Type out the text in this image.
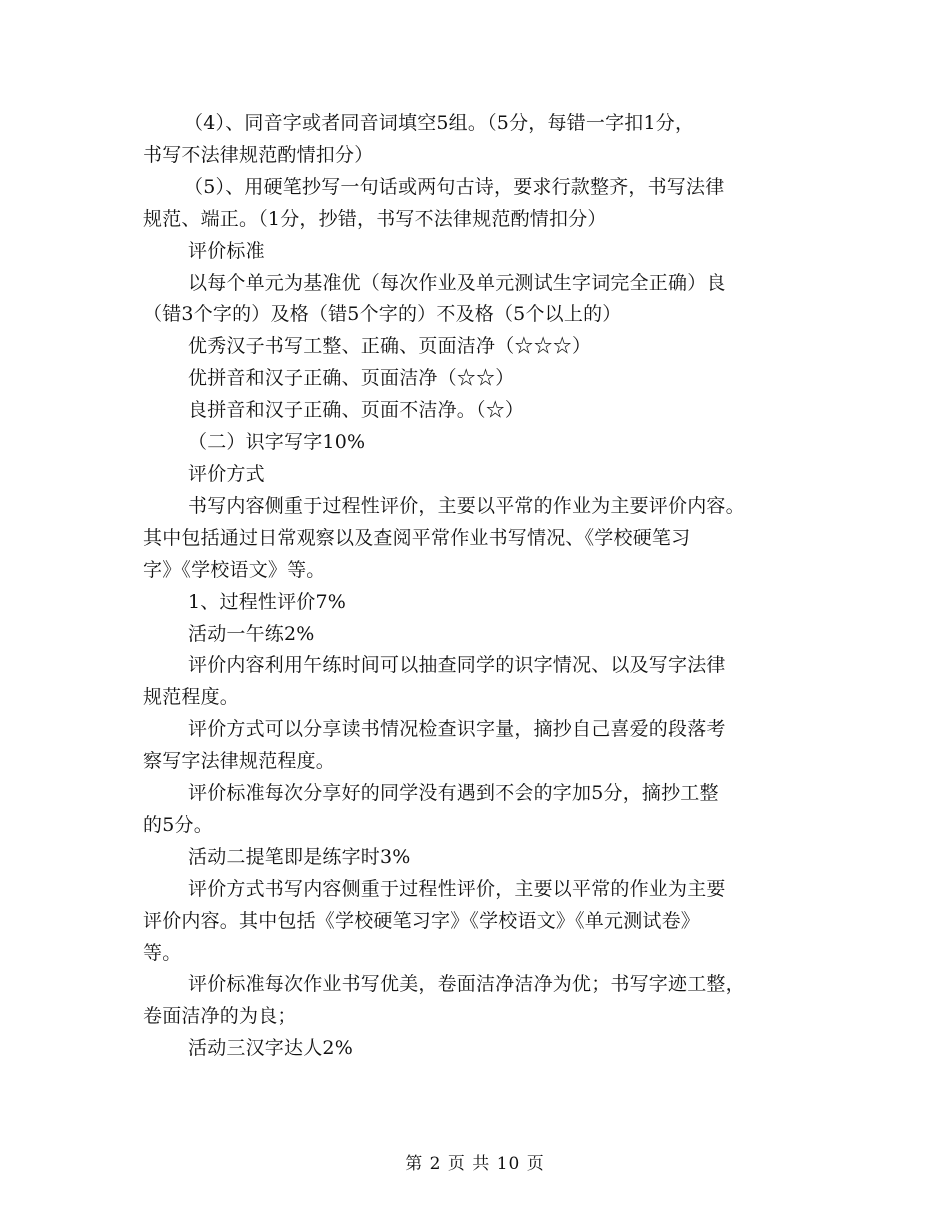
（4）、同音字或者同音词填空5组。（5分，每错一字扣1分，
书写不法律规范酌情扣分）
（5）、用硬笔抄写一句话或两句古诗，要求行款整齐，书写法律
规范、端正。（1分，抄错，书写不法律规范酌情扣分）
评价标准
以每个单元为基准优（每次作业及单元测试生字词完全正确）良
（错3个字的）及格（错5个字的）不及格（5个以上的）
优秀汉子书写工整、正确、页面洁净（☆☆☆）
优拼音和汉子正确、页面洁净（☆☆）
良拼音和汉子正确、页面不洁净。（☆）
（二）识字写字10%
评价方式
书写内容侧重于过程性评价，主要以平常的作业为主要评价内容。
其中包括通过日常观察以及查阅平常作业书写情况、《学校硬笔习
字》《学校语文》等。
1、过程性评价7%
活动一午练2%
评价内容利用午练时间可以抽查同学的识字情况、以及写字法律
规范程度。
评价方式可以分享读书情况检查识字量，摘抄自己喜爱的段落考
察写字法律规范程度。
评价标准每次分享好的同学没有遇到不会的字加5分，摘抄工整
的5分。
活动二提笔即是练字时3%
评价方式书写内容侧重于过程性评价，主要以平常的作业为主要
评价内容。其中包括《学校硬笔习字》《学校语文》《单元测试卷》
等。
评价标准每次作业书写优美，卷面洁净洁净为优；书写字迹工整，
卷面洁净的为良；
活动三汉字达人2%
第 2 页 共 10 页
